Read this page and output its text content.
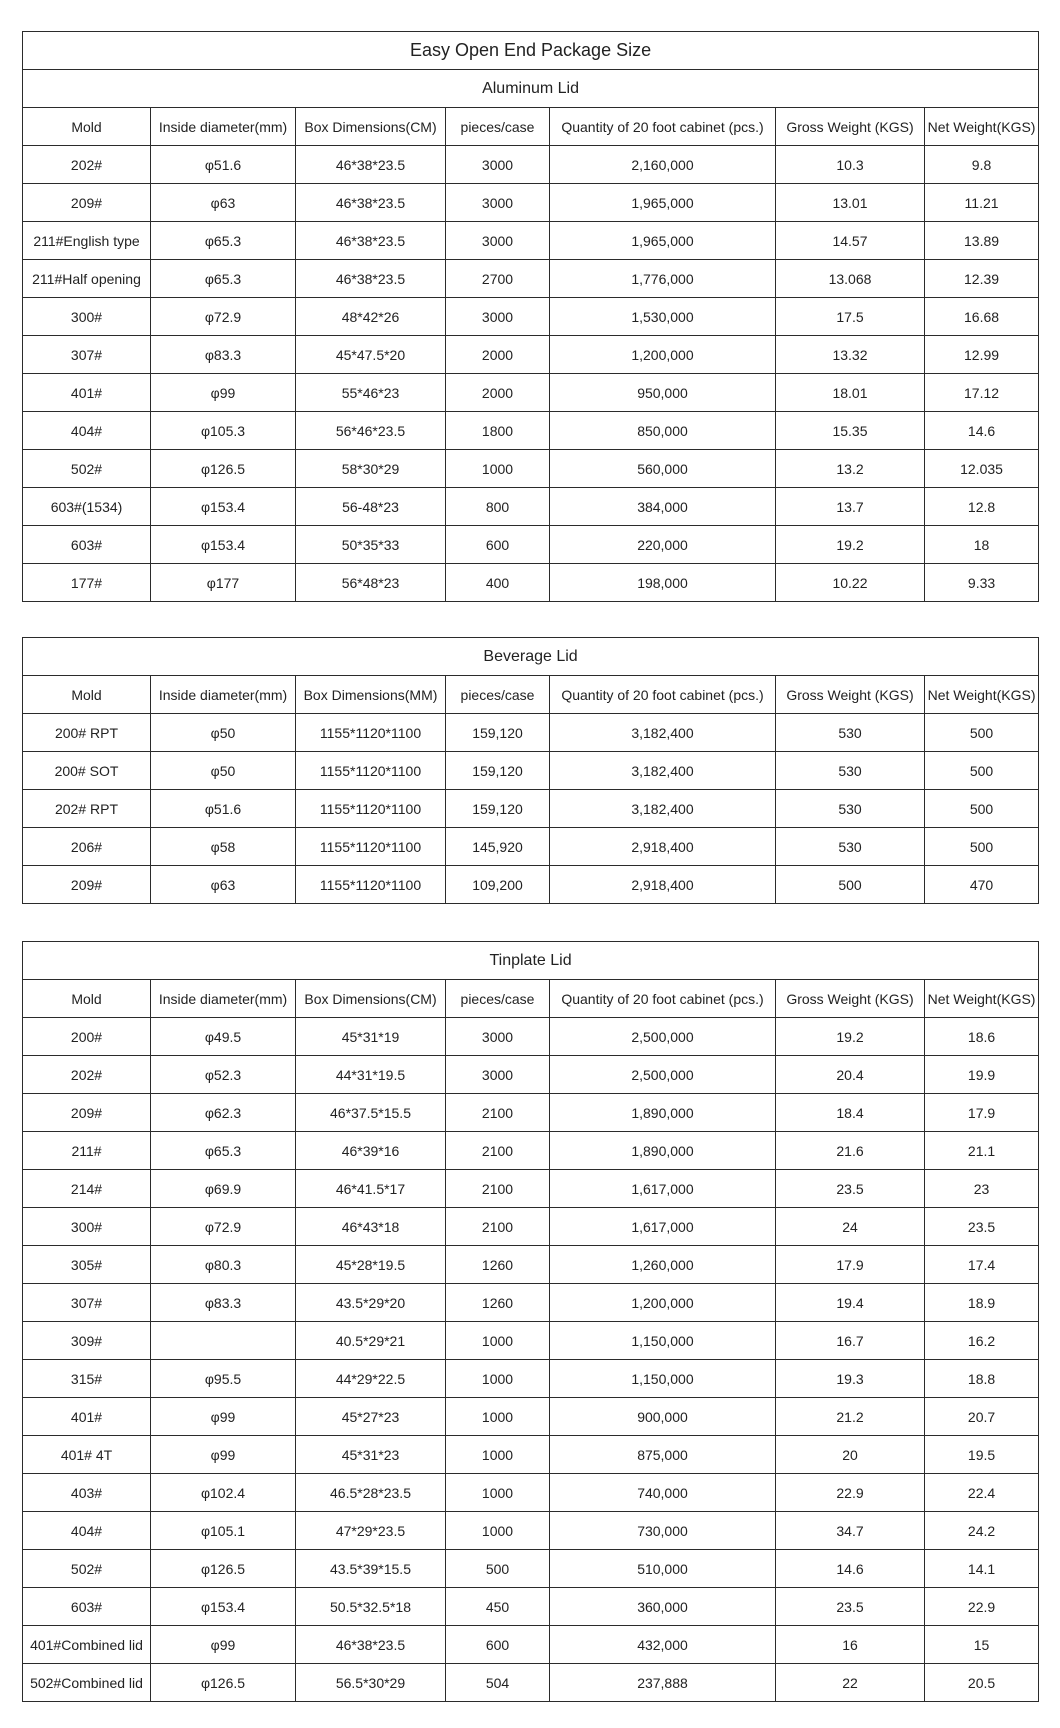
Easy Open End Package Size						
Aluminum Lid						
Mold	Inside diameter(mm)	Box Dimensions(CM)	pieces/case	Quantity of 20 foot cabinet (pcs.)	Gross Weight (KGS)	Net Weight(KGS)
202#	φ51.6	46*38*23.5	3000	2,160,000	10.3	9.8
209#	φ63	46*38*23.5	3000	1,965,000	13.01	11.21
211#English type	φ65.3	46*38*23.5	3000	1,965,000	14.57	13.89
211#Half opening	φ65.3	46*38*23.5	2700	1,776,000	13.068	12.39
300#	φ72.9	48*42*26	3000	1,530,000	17.5	16.68
307#	φ83.3	45*47.5*20	2000	1,200,000	13.32	12.99
401#	φ99	55*46*23	2000	950,000	18.01	17.12
404#	φ105.3	56*46*23.5	1800	850,000	15.35	14.6
502#	φ126.5	58*30*29	1000	560,000	13.2	12.035
603#(1534)	φ153.4	56-48*23	800	384,000	13.7	12.8
603#	φ153.4	50*35*33	600	220,000	19.2	18
177#	φ177	56*48*23	400	198,000	10.22	9.33
Beverage Lid						
Mold	Inside diameter(mm)	Box Dimensions(MM)	pieces/case	Quantity of 20 foot cabinet (pcs.)	Gross Weight (KGS)	Net Weight(KGS)
200# RPT	φ50	1155*1120*1100	159,120	3,182,400	530	500
200# SOT	φ50	1155*1120*1100	159,120	3,182,400	530	500
202# RPT	φ51.6	1155*1120*1100	159,120	3,182,400	530	500
206#	φ58	1155*1120*1100	145,920	2,918,400	530	500
209#	φ63	1155*1120*1100	109,200	2,918,400	500	470
Tinplate Lid						
Mold	Inside diameter(mm)	Box Dimensions(CM)	pieces/case	Quantity of 20 foot cabinet (pcs.)	Gross Weight (KGS)	Net Weight(KGS)
200#	φ49.5	45*31*19	3000	2,500,000	19.2	18.6
202#	φ52.3	44*31*19.5	3000	2,500,000	20.4	19.9
209#	φ62.3	46*37.5*15.5	2100	1,890,000	18.4	17.9
211#	φ65.3	46*39*16	2100	1,890,000	21.6	21.1
214#	φ69.9	46*41.5*17	2100	1,617,000	23.5	23
300#	φ72.9	46*43*18	2100	1,617,000	24	23.5
305#	φ80.3	45*28*19.5	1260	1,260,000	17.9	17.4
307#	φ83.3	43.5*29*20	1260	1,200,000	19.4	18.9
309#		40.5*29*21	1000	1,150,000	16.7	16.2
315#	φ95.5	44*29*22.5	1000	1,150,000	19.3	18.8
401#	φ99	45*27*23	1000	900,000	21.2	20.7
401# 4T	φ99	45*31*23	1000	875,000	20	19.5
403#	φ102.4	46.5*28*23.5	1000	740,000	22.9	22.4
404#	φ105.1	47*29*23.5	1000	730,000	34.7	24.2
502#	φ126.5	43.5*39*15.5	500	510,000	14.6	14.1
603#	φ153.4	50.5*32.5*18	450	360,000	23.5	22.9
401#Combined lid	φ99	46*38*23.5	600	432,000	16	15
502#Combined lid	φ126.5	56.5*30*29	504	237,888	22	20.5
